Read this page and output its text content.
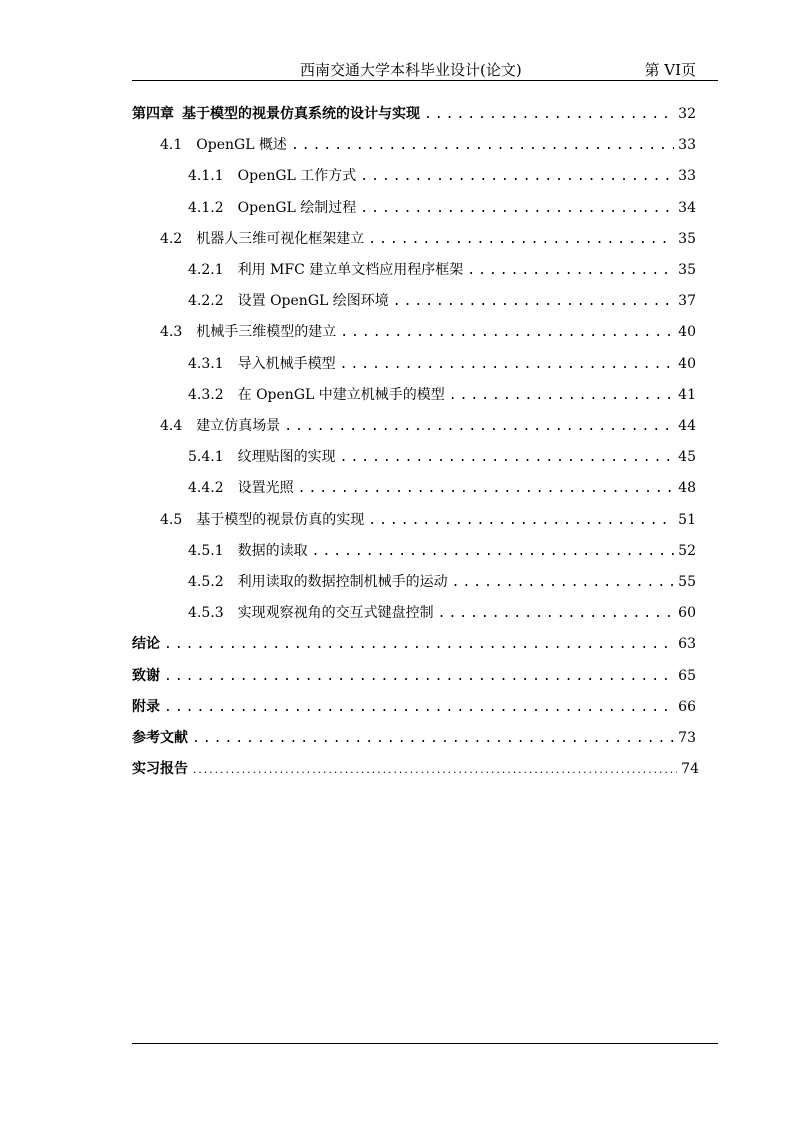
西南交通大学本科毕业设计(论文)	第 VI页
第四章 基于模型的视景仿真系统的设计与实现 .....	32
4.1 OpenGL 概述 .....	33
4.1.1 OpenGL 工作方式 .....	33
4.1.2 OpenGL 绘制过程 .....	34
4.2 机器人三维可视化框架建立 .....	35
4.2.1 利用 MFC 建立单文档应用程序框架 .....	35
4.2.2 设置 OpenGL 绘图环境 .....	37
4.3 机械手三维模型的建立 .....	40
4.3.1 导入机械手模型 .....	40
4.3.2 在 OpenGL 中建立机械手的模型 .....	41
4.4 建立仿真场景 .....	44
5.4.1 纹理贴图的实现 .....	45
4.4.2 设置光照 .....	48
4.5 基于模型的视景仿真的实现 .....	51
4.5.1 数据的读取 .....	52
4.5.2 利用读取的数据控制机械手的运动 .....	55
4.5.3 实现观察视角的交互式键盘控制 .....	60
结论 .....	63
致谢 .....	65
附录 .....	66
参考文献 .....	73
实习报告 .....	74
